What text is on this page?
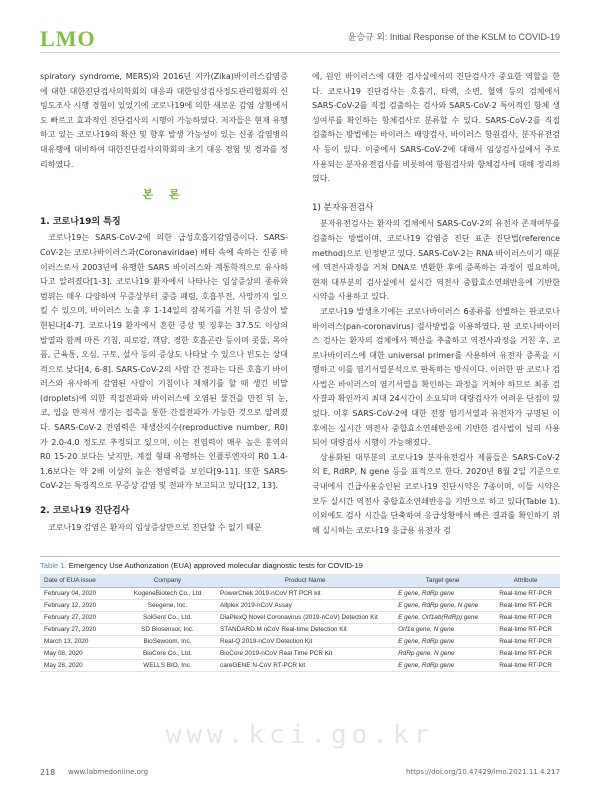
LMO	윤승규 외: Initial Response of the KSLM to COVID-19

spiratory syndrome, MERS)와 2016년 지카(Zika)바이러스감염증에 대한 대한진단검사의학회의 대응과 대한임상검사정도관리협회의 신빙도조사 시행 경험이 있었기에 코로나19에 의한 새로운 감염 상황에서도 빠르고 효과적인 진단검사의 시행이 가능하였다. 저자들은 현재 유행하고 있는 코로나19의 확산 및 향후 발생 가능성이 있는 신종 감염병의 대유행에 대비하여 대한진단검사의학회의 초기 대응 경험 및 경과를 정리하였다.

본 론
1. 코로나19의 특징

코로나19는 SARS-CoV-2에 의한 급성호흡기감염증이다. SARS-CoV-2는 코로나바이러스과(Coronaviridae) 베타 속에 속하는 신종 바이러스로서 2003년에 유행한 SARS 바이러스와 계통학적으로 유사하다고 알려졌다[1-3]. 코로나19 환자에서 나타나는 임상증상의 종류와 범위는 매우 다양하여 무증상부터 중증 폐렴, 호흡부전, 사망까지 일으킬 수 있으며, 바이러스 노출 후 1-14일의 잠복기를 거친 뒤 증상이 발현된다[4-7]. 코로나19 환자에서 흔한 증상 및 징후는 37.5도 이상의 발열과 함께 마른 기침, 피로감, 객담, 경한 호흡곤란 등이며 콧물, 목아픔, 근육통, 오심, 구토, 설사 등의 증상도 나타날 수 있으나 빈도는 상대적으로 낮다[4, 6-8]. SARS-CoV-2의 사람 간 전파는 다른 호흡기 바이러스와 유사하게 감염된 사람이 기침이나 재채기를 할 때 생긴 비말(droplets)에 의한 직접전파와 바이러스에 오염된 물건을 만진 뒤 눈, 코, 입을 만져서 생기는 접촉을 통한 간접전파가 가능한 것으로 알려졌다. SARS-CoV-2 전염력은 재생산지수(reproductive number, R0)가 2.0-4.0 정도로 추정되고 있으며, 이는 전염력이 매우 높은 홍역의 R0 15-20 보다는 낮지만, 계절 형태 유행하는 인플루엔자의 R0 1.4-1.6보다는 약 2배 이상의 높은 전염력을 보인다[9-11]. 또한 SARS-CoV-2는 특징적으로 무증상 감염 및 전파가 보고되고 있다[12, 13].

2. 코로나19 진단검사

코로나19 감염은 환자의 임상증상만으로 진단할 수 없기 때문

에, 원인 바이러스에 대한 검사실에서의 진단검사가 중요한 역할을 한다. 코로나19 진단검사는 호흡기, 타액, 소변, 혈액 등의 검체에서 SARS-CoV-2를 직접 검출하는 검사와 SARS-CoV-2 특이적인 항체 생성여부를 확인하는 항체검사로 분류할 수 있다. SARS-CoV-2를 직접 검출하는 방법에는 바이러스 배양검사, 바이러스 항원검사, 분자유전검사 등이 있다. 이중에서 SARS-CoV-2에 대해서 임상검사실에서 주로 사용되는 분자유전검사를 비롯하여 항원검사와 항체검사에 대해 정리하였다.

1) 분자유전검사

분자유전검사는 환자의 검체에서 SARS-CoV-2의 유전자 존재여부를 검출하는 방법이며, 코로나19 감염증 진단 표준 진단법(reference method)으로 인정받고 있다. SARS-CoV-2는 RNA 바이러스이기 때문에 역전사과정을 거쳐 DNA로 변환한 후에 증폭하는 과정이 필요하며, 현재 대부분의 검사실에서 실시간 역전사 중합효소연쇄반응에 기반한 시약을 사용하고 있다.

코로나19 발생초기에는 코로나바이러스 6종류를 선별하는 판코로나바이러스(pan-coronavirus) 검사방법을 이용하였다. 판 코로나바이러스 검사는 환자의 검체에서 핵산을 추출하고 역전사과정을 거친 후, 코로나바이러스에 대한 universal primer를 사용하여 유전자 증폭을 시행하고 이를 염기서열분석으로 판독하는 방식이다. 이러한 판 코로나 검사법은 바이러스의 염기서열을 확인하는 과정을 거쳐야 하므로 최종 검사결과 확인까지 최대 24시간이 소요되며 대량검사가 어려운 단점이 있었다. 이후 SARS-CoV-2에 대한 전장 염기서열과 유전자가 규명된 이후에는 실시간 역전사 중합효소연쇄반응에 기반한 검사법이 널리 사용되어 대량검사 시행이 가능해졌다.

상용화된 대부분의 코로나19 분자유전검사 제품들은 SARS-CoV-2의 E, RdRP, N gene 등을 표적으로 한다. 2020년 8월 2일 기준으로 국내에서 긴급사용승인된 코로나19 진단시약은 7종이며, 이들 시약은 모두 실시간 역전사 중합효소연쇄반응을 기반으로 하고 있다(Table 1). 이외에도 검사 시간을 단축하여 응급상황에서 빠른 결과를 확인하기 위해 실시하는 코로나19 응급용 유전자 검

Table 1. Emergency Use Authorization (EUA) approved molecular diagnostic tests for COVID-19
Date of EUA issue	Company	Product Name	Target gene	Attribute
February 04, 2020	KogeneBiotech Co., Ltd	PowerChek 2019-nCoV RT PCR kit	E gene, RdRp gene	Real-time RT-PCR
February 12, 2020	Seegene, Inc.	Allplex 2019-nCoV Assay	E gene, RdRp gene, N gene	Real-time RT-PCR
February 27, 2020	SolGent Co., Ltd.	DiaPlexQ Novel Coronavirus (2019-nCoV) Detection Kit	E gene, Orf1ab(RdRp) gene	Real-time RT-PCR
February 27, 2020	SD Biosensor, Inc.	STANDARD M nCoV Real-time Detection Kit	Orf1a gene, N gene	Real-time RT-PCR
March 13, 2020	BioSewoom, Inc.	Real-Q 2019-nCoV Detection Kit	E gene, RdRp gene	Real-time RT-PCR
May 08, 2020	BioCore Co., Ltd.	BioCore 2019-nCoV Real Time PCR Kit	RdRp gene, N gene	Real-time RT-PCR
May 28, 2020	WELLS BIO, Inc.	careGENE N-CoV RT-PCR kit	E gene, RdRp gene	Real-time RT-PCR
www.kci.go.kr
218 www.labmedonline.org	https://doi.org/10.47429/lmo.2021.11.4.217
